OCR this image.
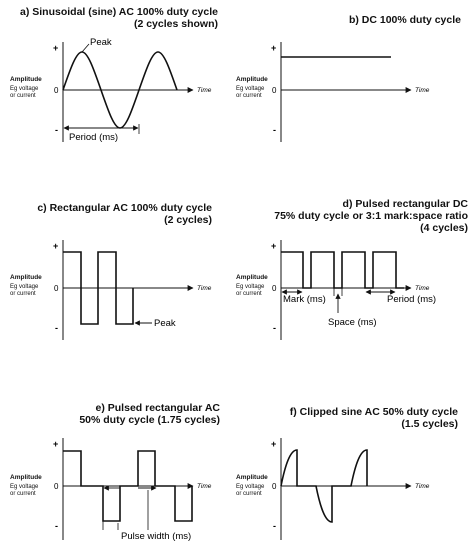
a) Sinusoidal (sine) AC 100% duty cycle
(2 cycles shown)	b) DC 100% duty cycle
c) Rectangular AC 100% duty cycle
(2 cycles)
d) Pulsed rectangular DC
75% duty cycle or 3:1 mark:space ratio
(4 cycles)
e) Pulsed rectangular AC
50% duty cycle (1.75 cycles)
f) Clipped sine AC 50% duty cycle
(1.5 cycles)
Amplitude
Eg voltage
or current
Amplitude
Eg voltage
or current
Amplitude
Eg voltage
or current
Amplitude
Eg voltage
or current
Amplitude
Eg voltage
or current
Amplitude
Eg voltage
or current
+
0
-
Time
Peak
Period (ms)
+
0
-
Time
+
0
-
Time
Peak
+
0
-
Time
Mark (ms)
Space (ms)
Period (ms)
+
0
-
Time
Pulse width (ms)
+
0
-
Time
